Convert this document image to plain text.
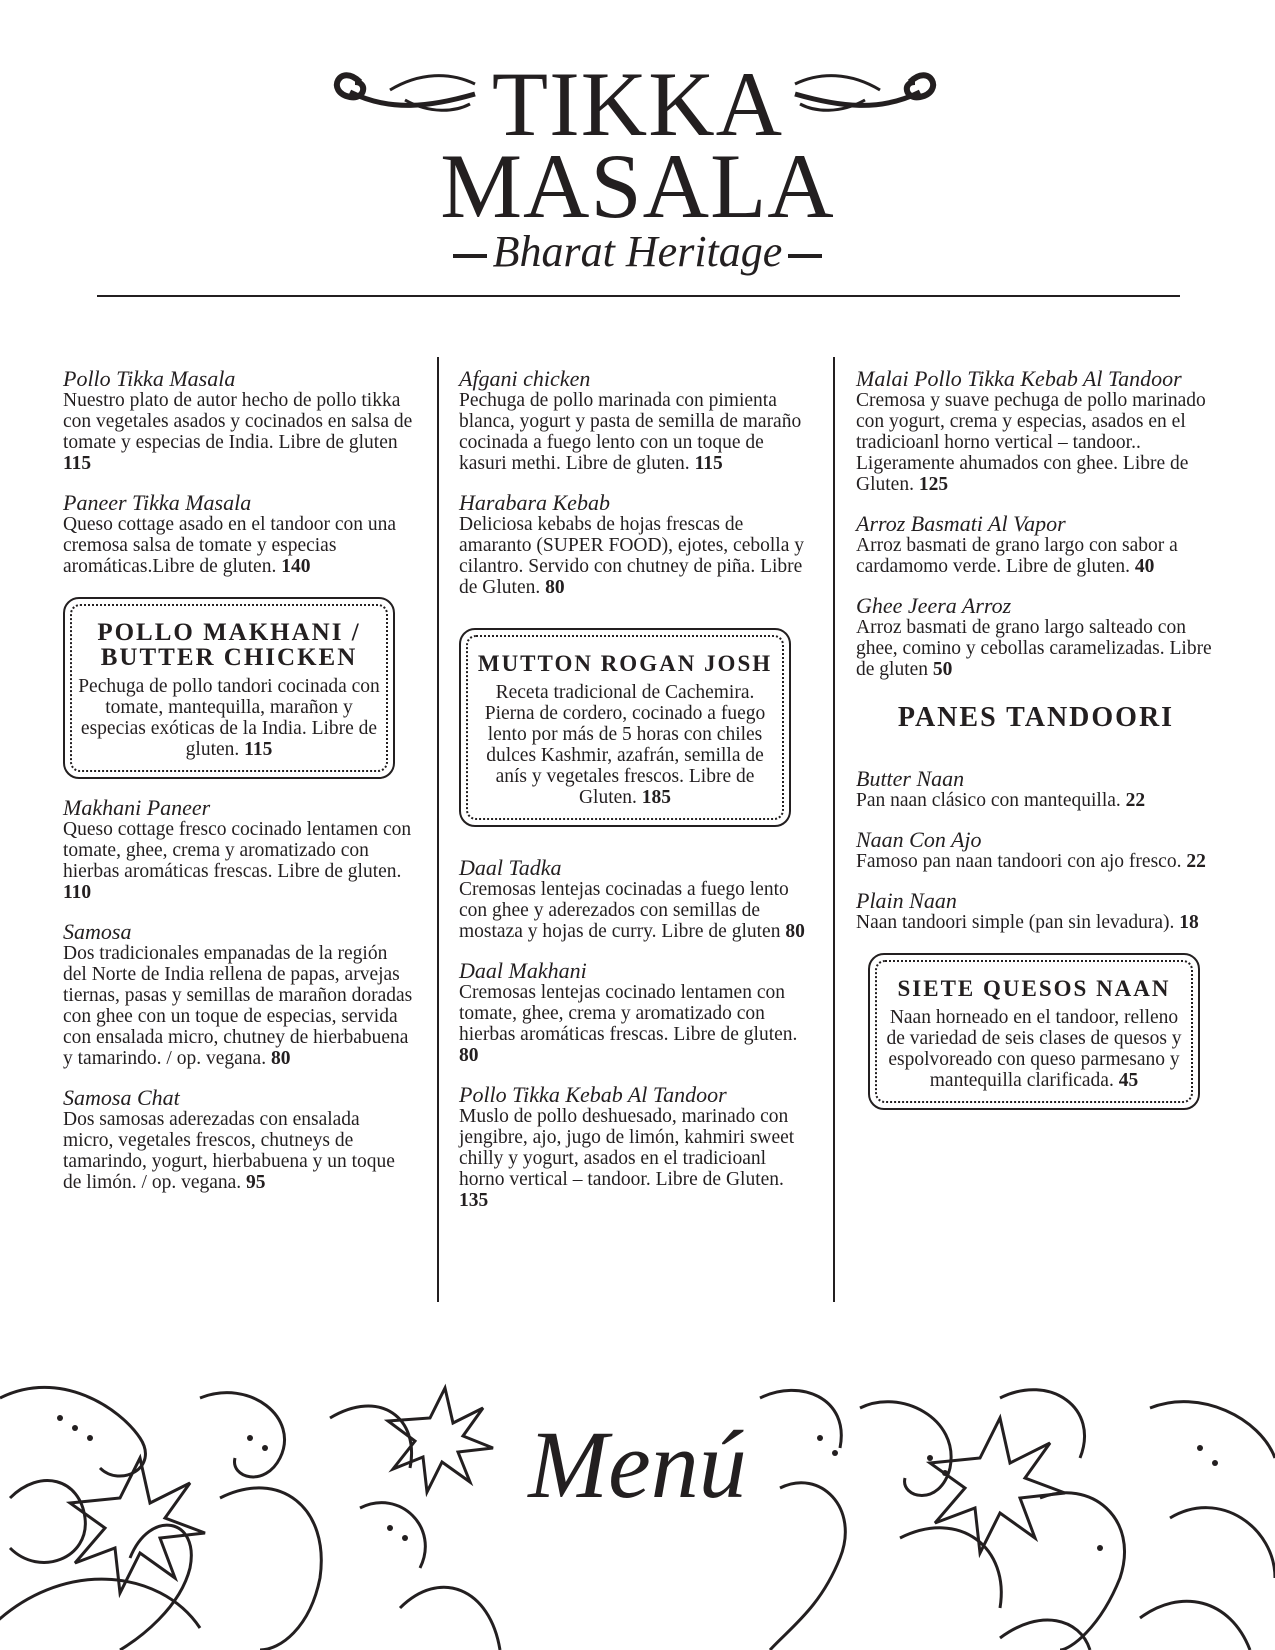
TIKKA
MASALA
Bharat Heritage
Pollo Tikka Masala
Nuestro plato de autor hecho de pollo tikka con vegetales asados y cocinados en salsa de tomate y especias de India. Libre de gluten 115
Paneer Tikka Masala
Queso cottage asado en el tandoor con una cremosa salsa de tomate y especias aromáticas.Libre de gluten. 140
POLLO MAKHANI / BUTTER CHICKEN
Pechuga de pollo tandori cocinada con tomate, mantequilla, marañon y especias exóticas de la India. Libre de gluten. 115
Makhani Paneer
Queso cottage fresco cocinado lentamen con tomate, ghee, crema y aromatizado con hierbas aromáticas frescas. Libre de gluten. 110
Samosa
Dos tradicionales empanadas de la región del Norte de India rellena de papas, arvejas tiernas, pasas y semillas de marañon doradas con ghee con un toque de especias, servida con ensalada micro, chutney de hierbabuena y tamarindo. / op. vegana. 80
Samosa Chat
Dos samosas aderezadas con ensalada micro, vegetales frescos, chutneys de tamarindo, yogurt, hierbabuena y un toque de limón. / op. vegana. 95
Afgani chicken
Pechuga de pollo marinada con pimienta blanca, yogurt y pasta de semilla de maraño cocinada a fuego lento con un toque de kasuri methi. Libre de gluten. 115
Harabara Kebab
Deliciosa kebabs de hojas frescas de amaranto (SUPER FOOD), ejotes, cebolla y cilantro. Servido con chutney de piña. Libre de Gluten. 80
MUTTON ROGAN JOSH
Receta tradicional de Cachemira. Pierna de cordero, cocinado a fuego lento por más de 5 horas con chiles dulces Kashmir, azafrán, semilla de anís y vegetales frescos. Libre de Gluten. 185
Daal Tadka
Cremosas lentejas cocinadas a fuego lento con ghee y aderezados con semillas de mostaza y hojas de curry. Libre de gluten 80
Daal Makhani
Cremosas lentejas cocinado lentamen con tomate, ghee, crema y aromatizado con hierbas aromáticas frescas. Libre de gluten. 80
Pollo Tikka Kebab Al Tandoor
Muslo de pollo deshuesado, marinado con jengibre, ajo, jugo de limón, kahmiri sweet chilly y yogurt, asados en el tradicioanl horno vertical – tandoor. Libre de Gluten. 135
Malai Pollo Tikka Kebab Al Tandoor
Cremosa y suave pechuga de pollo marinado con yogurt, crema y especias, asados en el tradicioanl horno vertical – tandoor.. Ligeramente ahumados con ghee. Libre de Gluten. 125
Arroz Basmati Al Vapor
Arroz basmati de grano largo con sabor a cardamomo verde. Libre de gluten. 40
Ghee Jeera Arroz
Arroz basmati de grano largo salteado con ghee, comino y cebollas caramelizadas. Libre de gluten 50
PANES TANDOORI
Butter Naan
Pan naan clásico con mantequilla. 22
Naan Con Ajo
Famoso pan naan tandoori con ajo fresco. 22
Plain Naan
Naan tandoori simple (pan sin levadura). 18
SIETE QUESOS NAAN
Naan horneado en el tandoor, relleno de variedad de seis clases de quesos y espolvoreado con queso parmesano y mantequilla clarificada. 45
Menú
